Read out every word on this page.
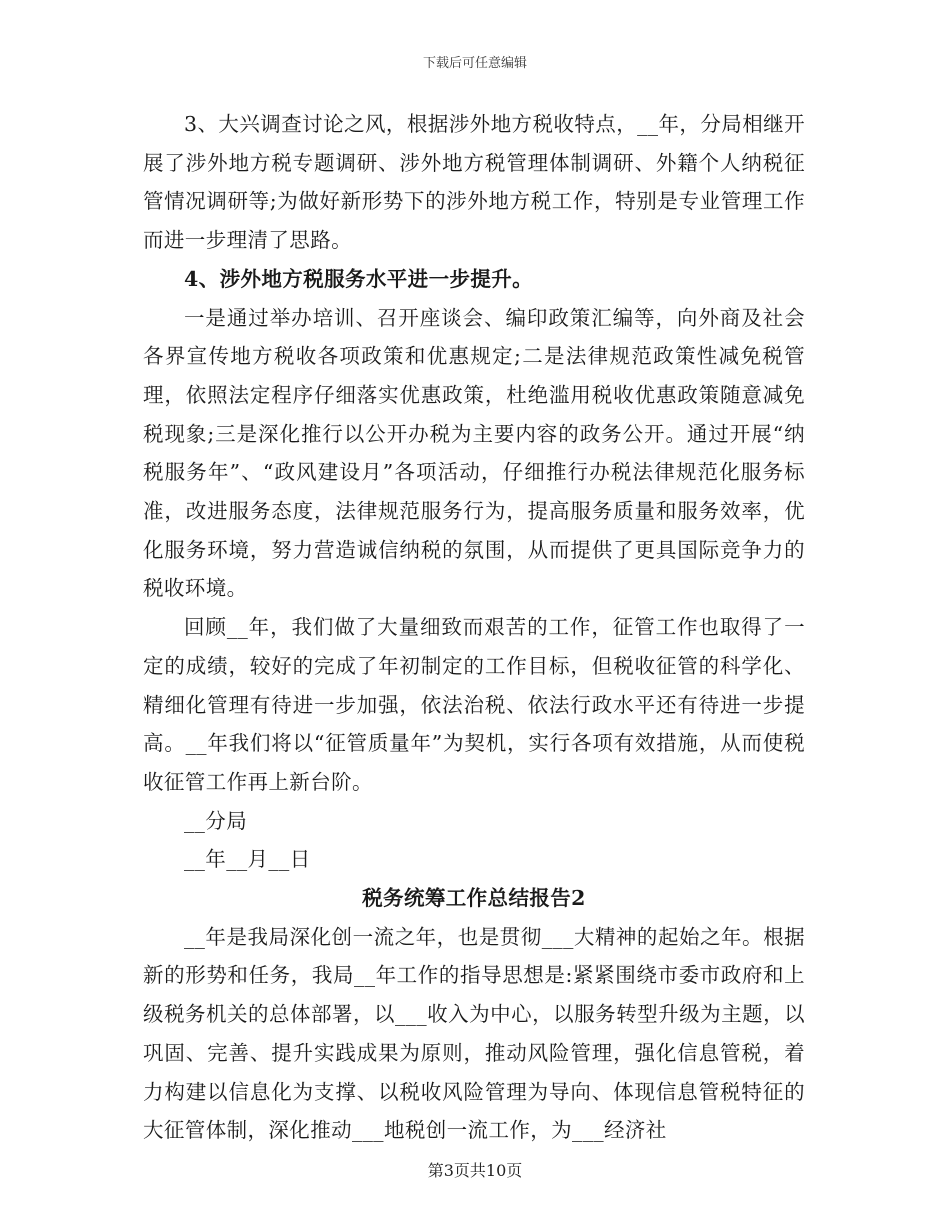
下载后可任意编辑

3、大兴调查讨论之风，根据涉外地方税收特点，__年，分局相继开展了涉外地方税专题调研、涉外地方税管理体制调研、外籍个人纳税征管情况调研等;为做好新形势下的涉外地方税工作，特别是专业管理工作而进一步理清了思路。

4、涉外地方税服务水平进一步提升。

一是通过举办培训、召开座谈会、编印政策汇编等，向外商及社会各界宣传地方税收各项政策和优惠规定;二是法律规范政策性减免税管理，依照法定程序仔细落实优惠政策，杜绝滥用税收优惠政策随意减免税现象;三是深化推行以公开办税为主要内容的政务公开。通过开展“纳税服务年”、“政风建设月”各项活动，仔细推行办税法律规范化服务标准，改进服务态度，法律规范服务行为，提高服务质量和服务效率，优化服务环境，努力营造诚信纳税的氛围，从而提供了更具国际竞争力的税收环境。

回顾__年，我们做了大量细致而艰苦的工作，征管工作也取得了一定的成绩，较好的完成了年初制定的工作目标，但税收征管的科学化、精细化管理有待进一步加强，依法治税、依法行政水平还有待进一步提高。__年我们将以“征管质量年”为契机，实行各项有效措施，从而使税收征管工作再上新台阶。

__分局

__年__月__日

税务统筹工作总结报告2

__年是我局深化创一流之年，也是贯彻___大精神的起始之年。根据新的形势和任务，我局__年工作的指导思想是:紧紧围绕市委市政府和上级税务机关的总体部署，以___收入为中心，以服务转型升级为主题，以巩固、完善、提升实践成果为原则，推动风险管理，强化信息管税，着力构建以信息化为支撑、以税收风险管理为导向、体现信息管税特征的大征管体制，深化推动___地税创一流工作，为___经济社

第3页共10页
